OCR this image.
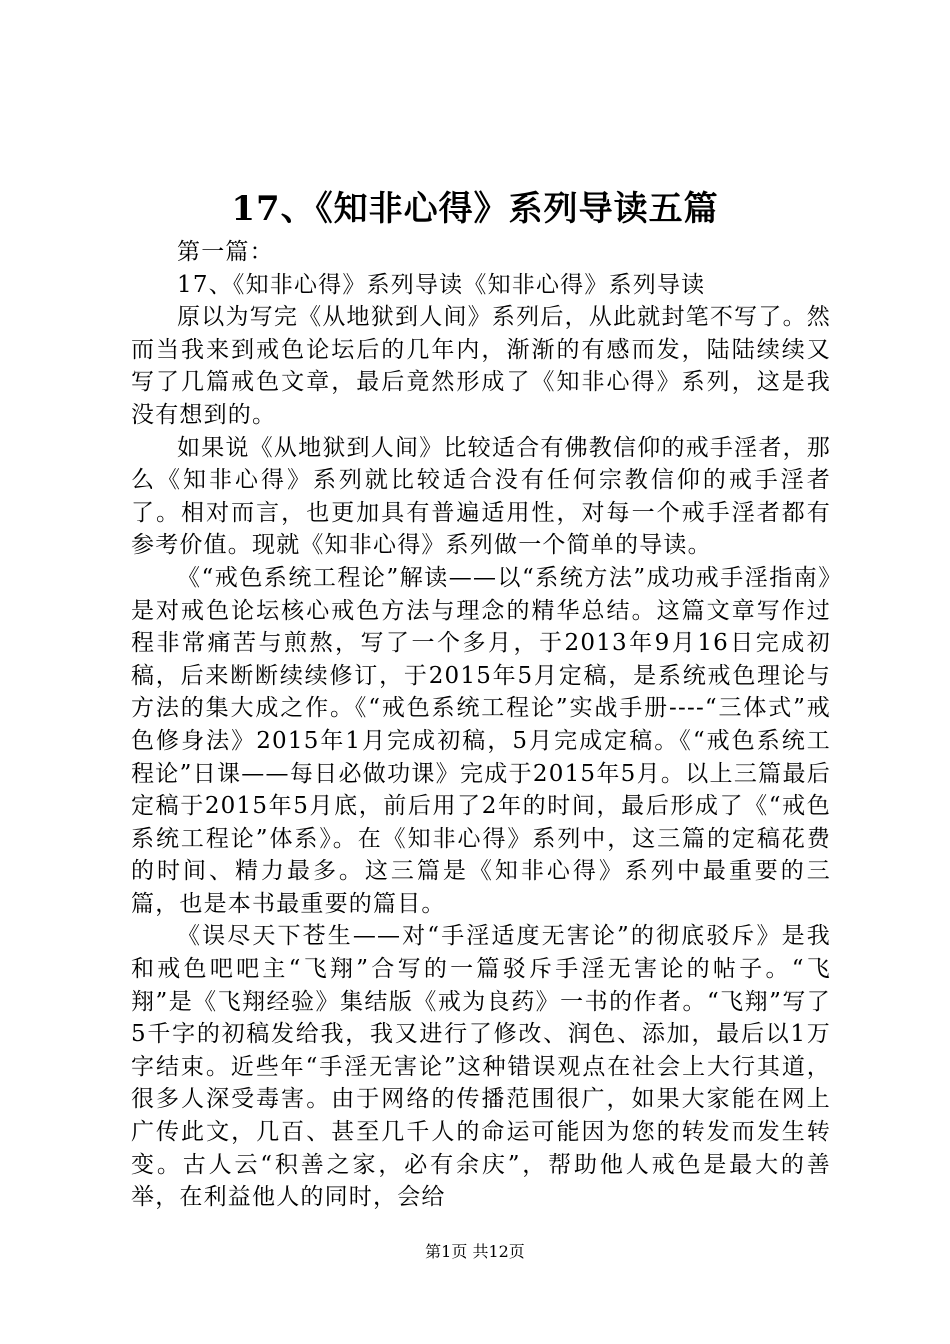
17、《知非心得》系列导读五篇

第一篇：

17、《知非心得》系列导读《知非心得》系列导读

原以为写完《从地狱到人间》系列后，从此就封笔不写了。然而当我来到戒色论坛后的几年内，渐渐的有感而发，陆陆续续又写了几篇戒色文章，最后竟然形成了《知非心得》系列，这是我没有想到的。

如果说《从地狱到人间》比较适合有佛教信仰的戒手淫者，那么《知非心得》系列就比较适合没有任何宗教信仰的戒手淫者了。相对而言，也更加具有普遍适用性，对每一个戒手淫者都有参考价值。现就《知非心得》系列做一个简单的导读。

《“戒色系统工程论”解读——以“系统方法”成功戒手淫指南》是对戒色论坛核心戒色方法与理念的精华总结。这篇文章写作过程非常痛苦与煎熬，写了一个多月，于2013年9月16日完成初稿，后来断断续续修订，于2015年5月定稿，是系统戒色理论与方法的集大成之作。《“戒色系统工程论”实战手册----“三体式”戒色修身法》2015年1月完成初稿，5月完成定稿。《“戒色系统工程论”日课——每日必做功课》完成于2015年5月。以上三篇最后定稿于2015年5月底，前后用了2年的时间，最后形成了《“戒色系统工程论”体系》。在《知非心得》系列中，这三篇的定稿花费的时间、精力最多。这三篇是《知非心得》系列中最重要的三篇，也是本书最重要的篇目。

《误尽天下苍生——对“手淫适度无害论”的彻底驳斥》是我和戒色吧吧主“飞翔”合写的一篇驳斥手淫无害论的帖子。“飞翔”是《飞翔经验》集结版《戒为良药》一书的作者。“飞翔”写了5千字的初稿发给我，我又进行了修改、润色、添加，最后以1万字结束。近些年“手淫无害论”这种错误观点在社会上大行其道，很多人深受毒害。由于网络的传播范围很广，如果大家能在网上广传此文，几百、甚至几千人的命运可能因为您的转发而发生转变。古人云“积善之家，必有余庆”，帮助他人戒色是最大的善举，在利益他人的同时，会给

第1页 共12页
